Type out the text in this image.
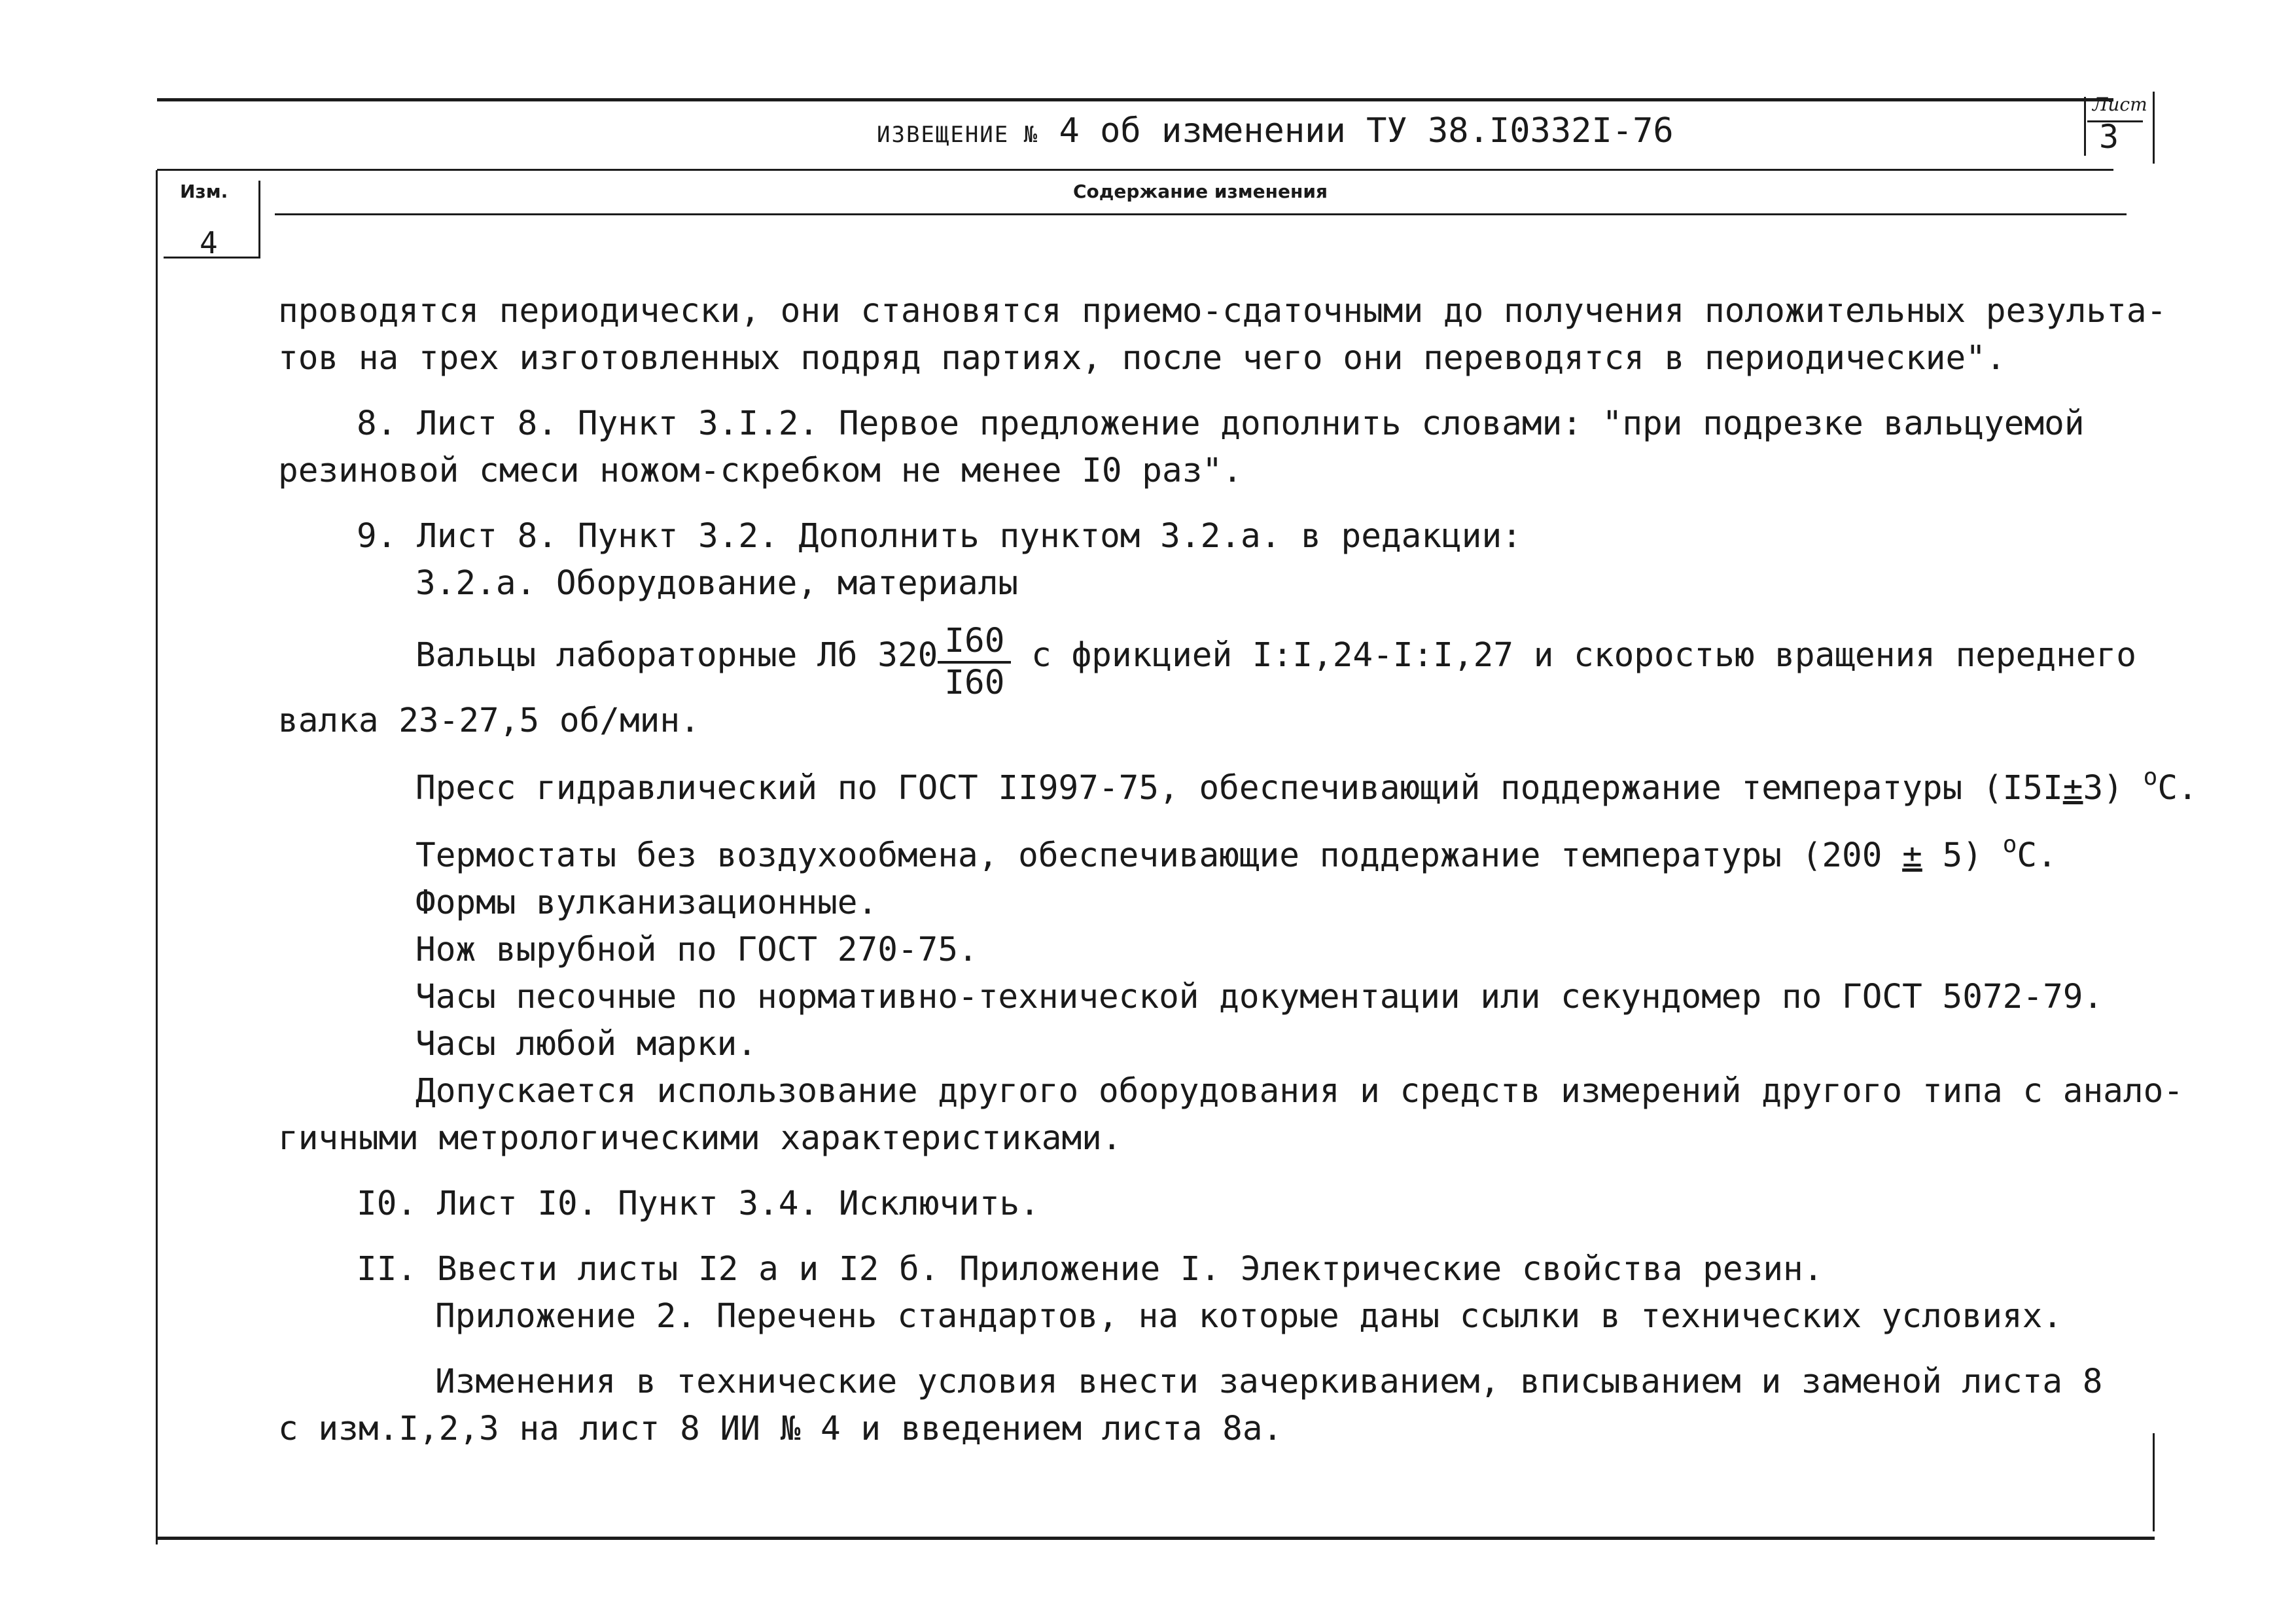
ИЗВЕЩЕНИЕ № 4 об изменении ТУ 38.I0332I-76
Лист
3
Изм.	Содержание изменения
4

проводятся периодически, они становятся приемо-сдаточными до получения положительных результа-

тов на трех изготовленных подряд партиях, после чего они переводятся в периодические".

8. Лист 8. Пункт 3.I.2. Первое предложение дополнить словами: "при подрезке вальцуемой

резиновой смеси ножом-скребком не менее I0 раз".

9. Лист 8. Пункт 3.2. Дополнить пунктом 3.2.а. в редакции:

3.2.а. Оборудование, материалы

Вальцы лабораторные Лб $320 \frac{I60}{I60}$ с фрикцией I:I,24-I:I,27 и скоростью вращения переднего

валка 23-27,5 об/мин.

Пресс гидравлический по ГОСТ II997-75, обеспечивающий поддержание температуры (I5I±3) $^о$С.

Термостаты без воздухообмена, обеспечивающие поддержание температуры (200 ± 5) $^о$С.

Формы вулканизационные.

Нож вырубной по ГОСТ 270-75.

Часы песочные по нормативно-технической документации или секундомер по ГОСТ 5072-79.

Часы любой марки.

Допускается использование другого оборудования и средств измерений другого типа с анало-

гичными метрологическими характеристиками.

I0. Лист I0. Пункт 3.4. Исключить.

II. Ввести листы I2 а и I2 б. Приложение I. Электрические свойства резин.

Приложение 2. Перечень стандартов, на которые даны ссылки в технических условиях.

Изменения в технические условия внести зачеркиванием, вписыванием и заменой листа 8

с изм.I,2,3 на лист 8 ИИ № 4 и введением листа 8а.
